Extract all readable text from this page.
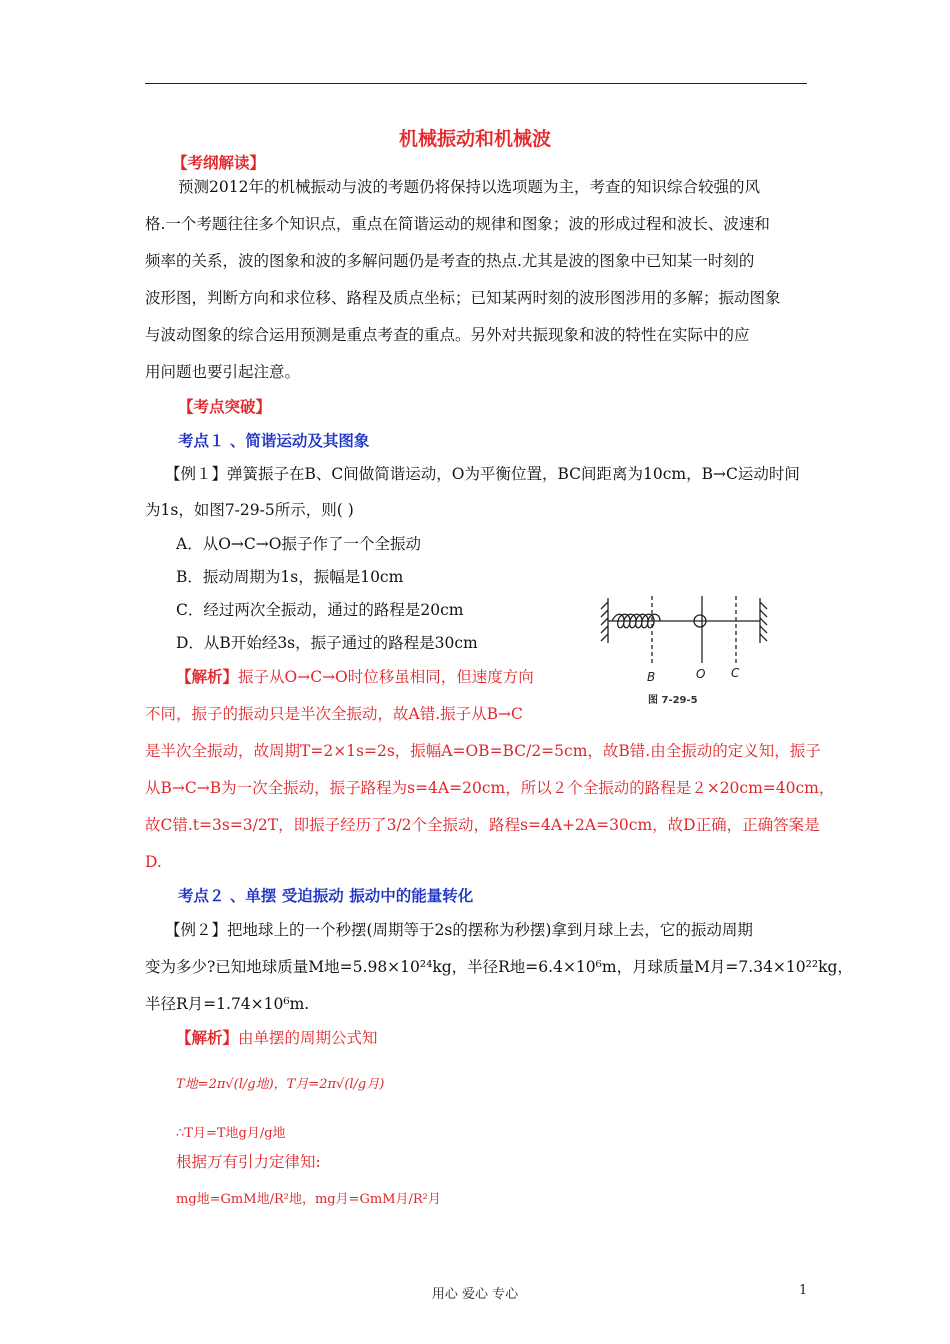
机械振动和机械波
【考纲解读】
预测2012年的机械振动与波的考题仍将保持以选项题为主，考查的知识综合较强的风
格.一个考题往往多个知识点，重点在简谐运动的规律和图象；波的形成过程和波长、波速和
频率的关系，波的图象和波的多解问题仍是考查的热点.尤其是波的图象中已知某一时刻的
波形图，判断方向和求位移、路程及质点坐标；已知某两时刻的波形图涉用的多解；振动图象
与波动图象的综合运用预测是重点考查的重点。另外对共振现象和波的特性在实际中的应
用问题也要引起注意。
【考点突破】
考点１ 、简谐运动及其图象
【例１】弹簧振子在B、C间做简谐运动，O为平衡位置，BC间距离为10cm，B→C运动时间
为1s，如图7-29-5所示，则( )
A．从O→C→O振子作了一个全振动
B．振动周期为1s，振幅是10cm
C．经过两次全振动，通过的路程是20cm
D．从B开始经3s，振子通过的路程是30cm
【解析】振子从O→C→O时位移虽相同，但速度方向
不同，振子的振动只是半次全振动，故A错.振子从B→C
是半次全振动，故周期T=2×1s=2s，振幅A=OB=BC/2=5cm，故B错.由全振动的定义知，振子
从B→C→B为一次全振动，振子路程为s=4A=20cm，所以２个全振动的路程是２×20cm=40cm，
故C错.t=3s=3/2T，即振子经历了3/2个全振动，路程s=4A+2A=30cm，故D正确，正确答案是
D.
B	O C
图 7-29-5
考点２ 、单摆 受迫振动 振动中的能量转化
【例２】把地球上的一个秒摆(周期等于2s的摆称为秒摆)拿到月球上去，它的振动周期
变为多少?已知地球质量M地=5.98×10²⁴kg，半径R地=6.4×10⁶m，月球质量M月=7.34×10²²kg，
半径R月=1.74×10⁶m.
【解析】由单摆的周期公式知
T地=2π√(l/g地)，T月=2π√(l/g月)
∴T月=T地g月/g地
根据万有引力定律知:
mg地=GmM地/R²地，mg月=GmM月/R²月
用心 爱心 专心	1
